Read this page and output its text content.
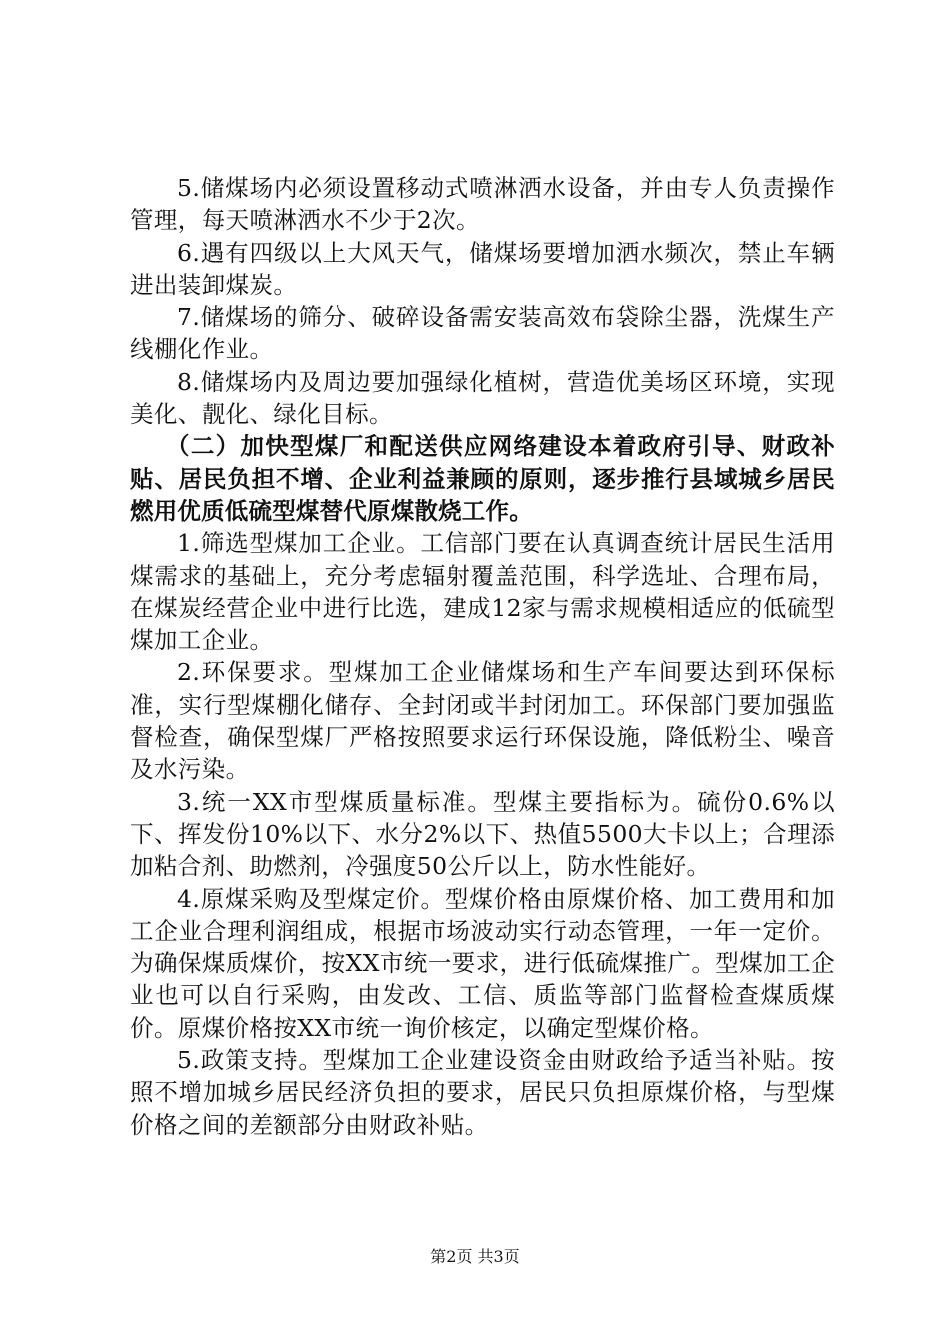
5.储煤场内必须设置移动式喷淋洒水设备，并由专人负责操作管理，每天喷淋洒水不少于2次。

6.遇有四级以上大风天气，储煤场要增加洒水频次，禁止车辆进出装卸煤炭。

7.储煤场的筛分、破碎设备需安装高效布袋除尘器，洗煤生产线棚化作业。

8.储煤场内及周边要加强绿化植树，营造优美场区环境，实现美化、靓化、绿化目标。

（二）加快型煤厂和配送供应网络建设本着政府引导、财政补贴、居民负担不增、企业利益兼顾的原则，逐步推行县域城乡居民燃用优质低硫型煤替代原煤散烧工作。

1.筛选型煤加工企业。工信部门要在认真调查统计居民生活用煤需求的基础上，充分考虑辐射覆盖范围，科学选址、合理布局，在煤炭经营企业中进行比选，建成12家与需求规模相适应的低硫型煤加工企业。

2.环保要求。型煤加工企业储煤场和生产车间要达到环保标准，实行型煤棚化储存、全封闭或半封闭加工。环保部门要加强监督检查，确保型煤厂严格按照要求运行环保设施，降低粉尘、噪音及水污染。

3.统一XX市型煤质量标准。型煤主要指标为。硫份0.6%以下、挥发份10%以下、水分2%以下、热值5500大卡以上；合理添加粘合剂、助燃剂，冷强度50公斤以上，防水性能好。

4.原煤采购及型煤定价。型煤价格由原煤价格、加工费用和加工企业合理利润组成，根据市场波动实行动态管理，一年一定价。为确保煤质煤价，按XX市统一要求，进行低硫煤推广。型煤加工企业也可以自行采购，由发改、工信、质监等部门监督检查煤质煤价。原煤价格按XX市统一询价核定，以确定型煤价格。

5.政策支持。型煤加工企业建设资金由财政给予适当补贴。按照不增加城乡居民经济负担的要求，居民只负担原煤价格，与型煤价格之间的差额部分由财政补贴。

第2页 共3页
